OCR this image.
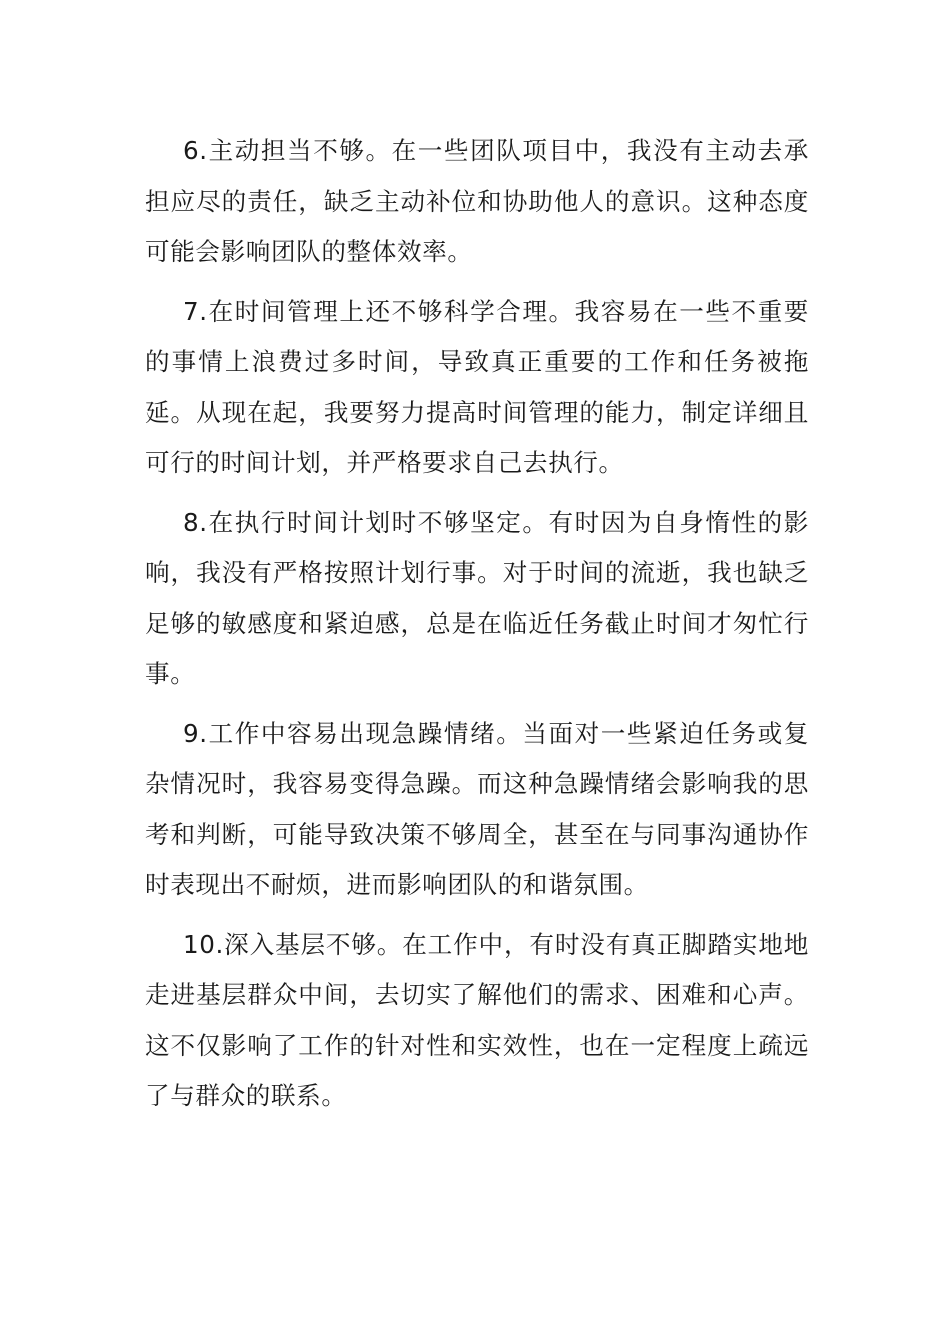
6.主动担当不够。在一些团队项目中，我没有主动去承担应尽的责任，缺乏主动补位和协助他人的意识。这种态度可能会影响团队的整体效率。

7.在时间管理上还不够科学合理。我容易在一些不重要的事情上浪费过多时间，导致真正重要的工作和任务被拖延。从现在起，我要努力提高时间管理的能力，制定详细且可行的时间计划，并严格要求自己去执行。

8.在执行时间计划时不够坚定。有时因为自身惰性的影响，我没有严格按照计划行事。对于时间的流逝，我也缺乏足够的敏感度和紧迫感，总是在临近任务截止时间才匆忙行事。

9.工作中容易出现急躁情绪。当面对一些紧迫任务或复杂情况时，我容易变得急躁。而这种急躁情绪会影响我的思考和判断，可能导致决策不够周全，甚至在与同事沟通协作时表现出不耐烦，进而影响团队的和谐氛围。

10.深入基层不够。在工作中，有时没有真正脚踏实地地走进基层群众中间，去切实了解他们的需求、困难和心声。这不仅影响了工作的针对性和实效性，也在一定程度上疏远了与群众的联系。
